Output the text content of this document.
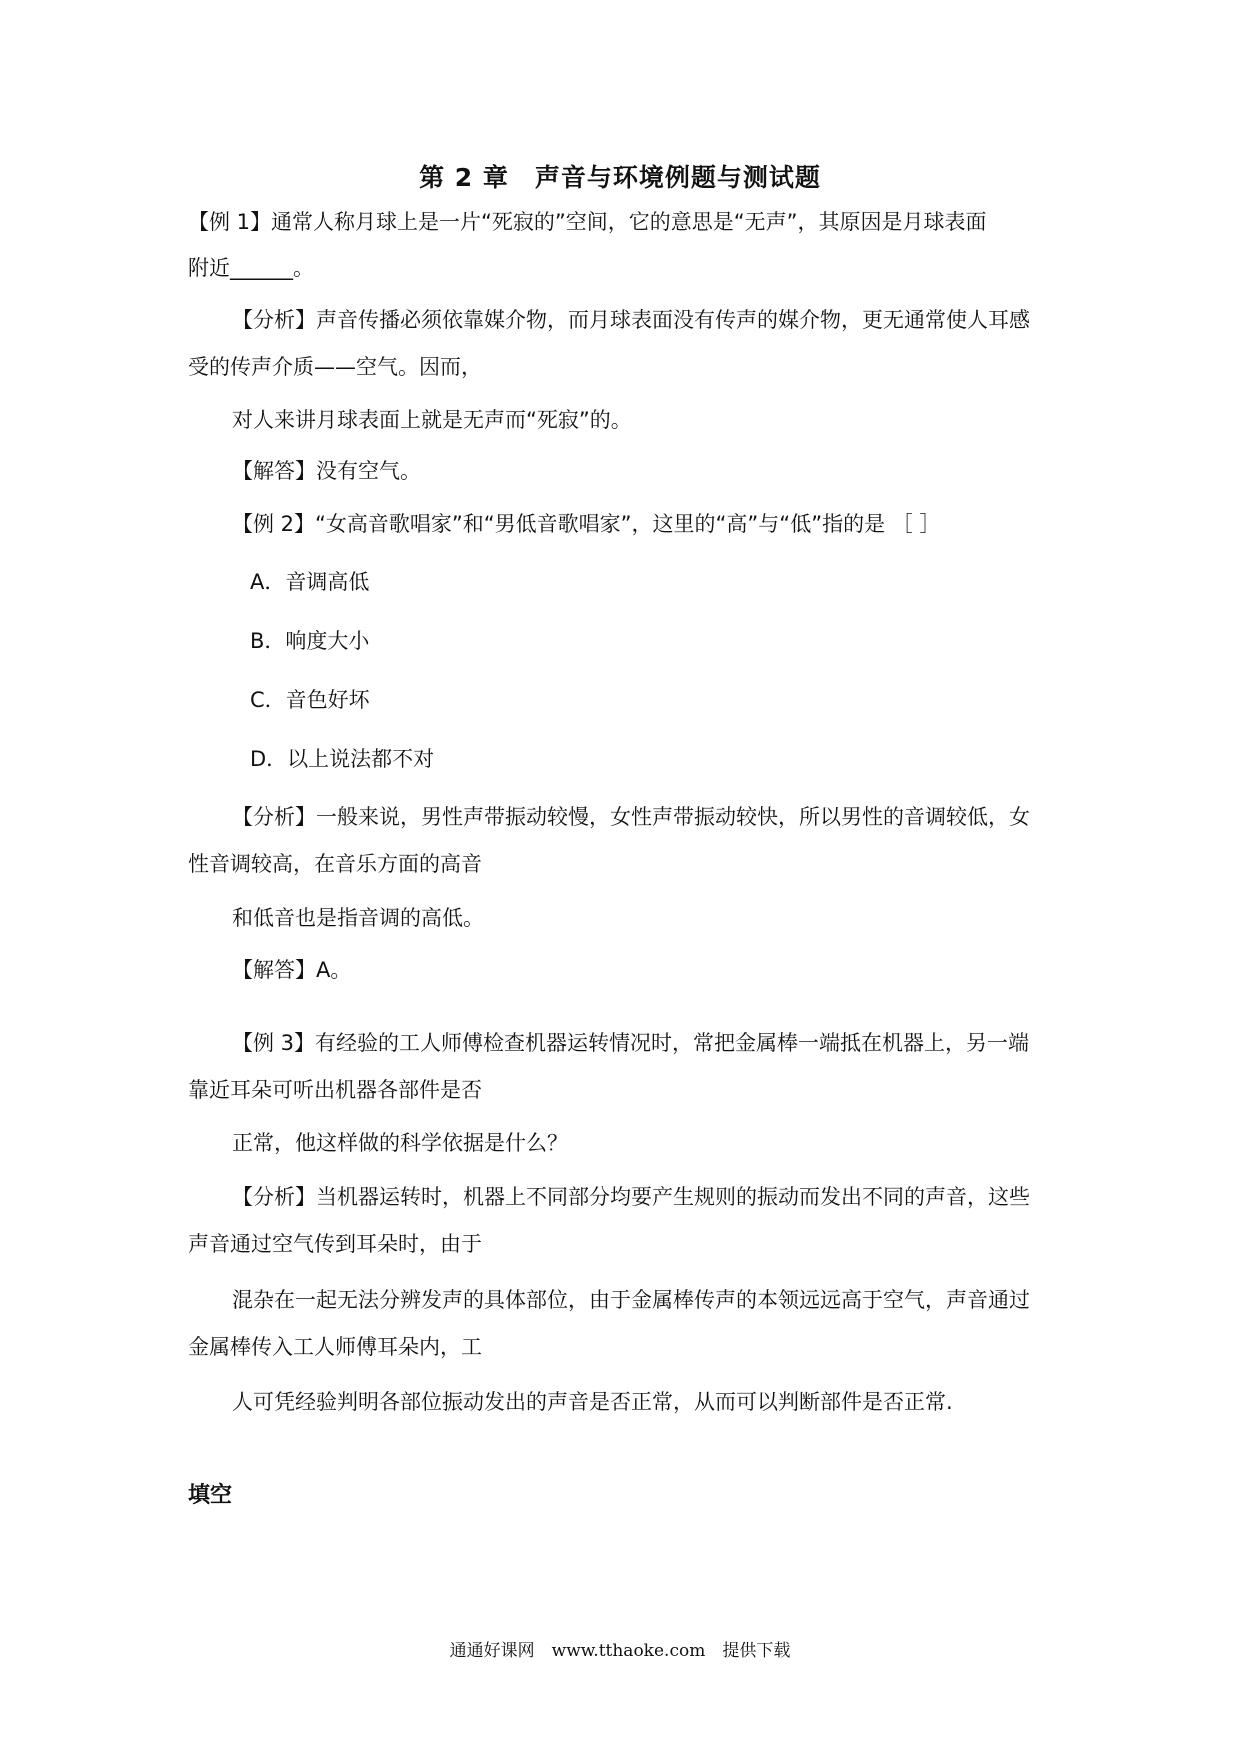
第 2 章　声音与环境例题与测试题
【例 1】通常人称月球上是一片“死寂的”空间，它的意思是“无声”，其原因是月球表面
附近______。
【分析】声音传播必须依靠媒介物，而月球表面没有传声的媒介物，更无通常使人耳感
受的传声介质——空气。因而，
对人来讲月球表面上就是无声而“死寂”的。
【解答】没有空气。
【例 2】“女高音歌唱家”和“男低音歌唱家”，这里的“高”与“低”指的是 ［ ］
A．音调高低
B．响度大小
C．音色好坏
D．以上说法都不对
【分析】一般来说，男性声带振动较慢，女性声带振动较快，所以男性的音调较低，女
性音调较高，在音乐方面的高音
和低音也是指音调的高低。
【解答】A。
【例 3】有经验的工人师傅检查机器运转情况时，常把金属棒一端抵在机器上，另一端
靠近耳朵可听出机器各部件是否
正常，他这样做的科学依据是什么？
【分析】当机器运转时，机器上不同部分均要产生规则的振动而发出不同的声音，这些
声音通过空气传到耳朵时，由于
混杂在一起无法分辨发声的具体部位，由于金属棒传声的本领远远高于空气，声音通过
金属棒传入工人师傅耳朵内，工
人可凭经验判明各部位振动发出的声音是否正常，从而可以判断部件是否正常.
填空
通通好课网　www.tthaoke.com　提供下载
